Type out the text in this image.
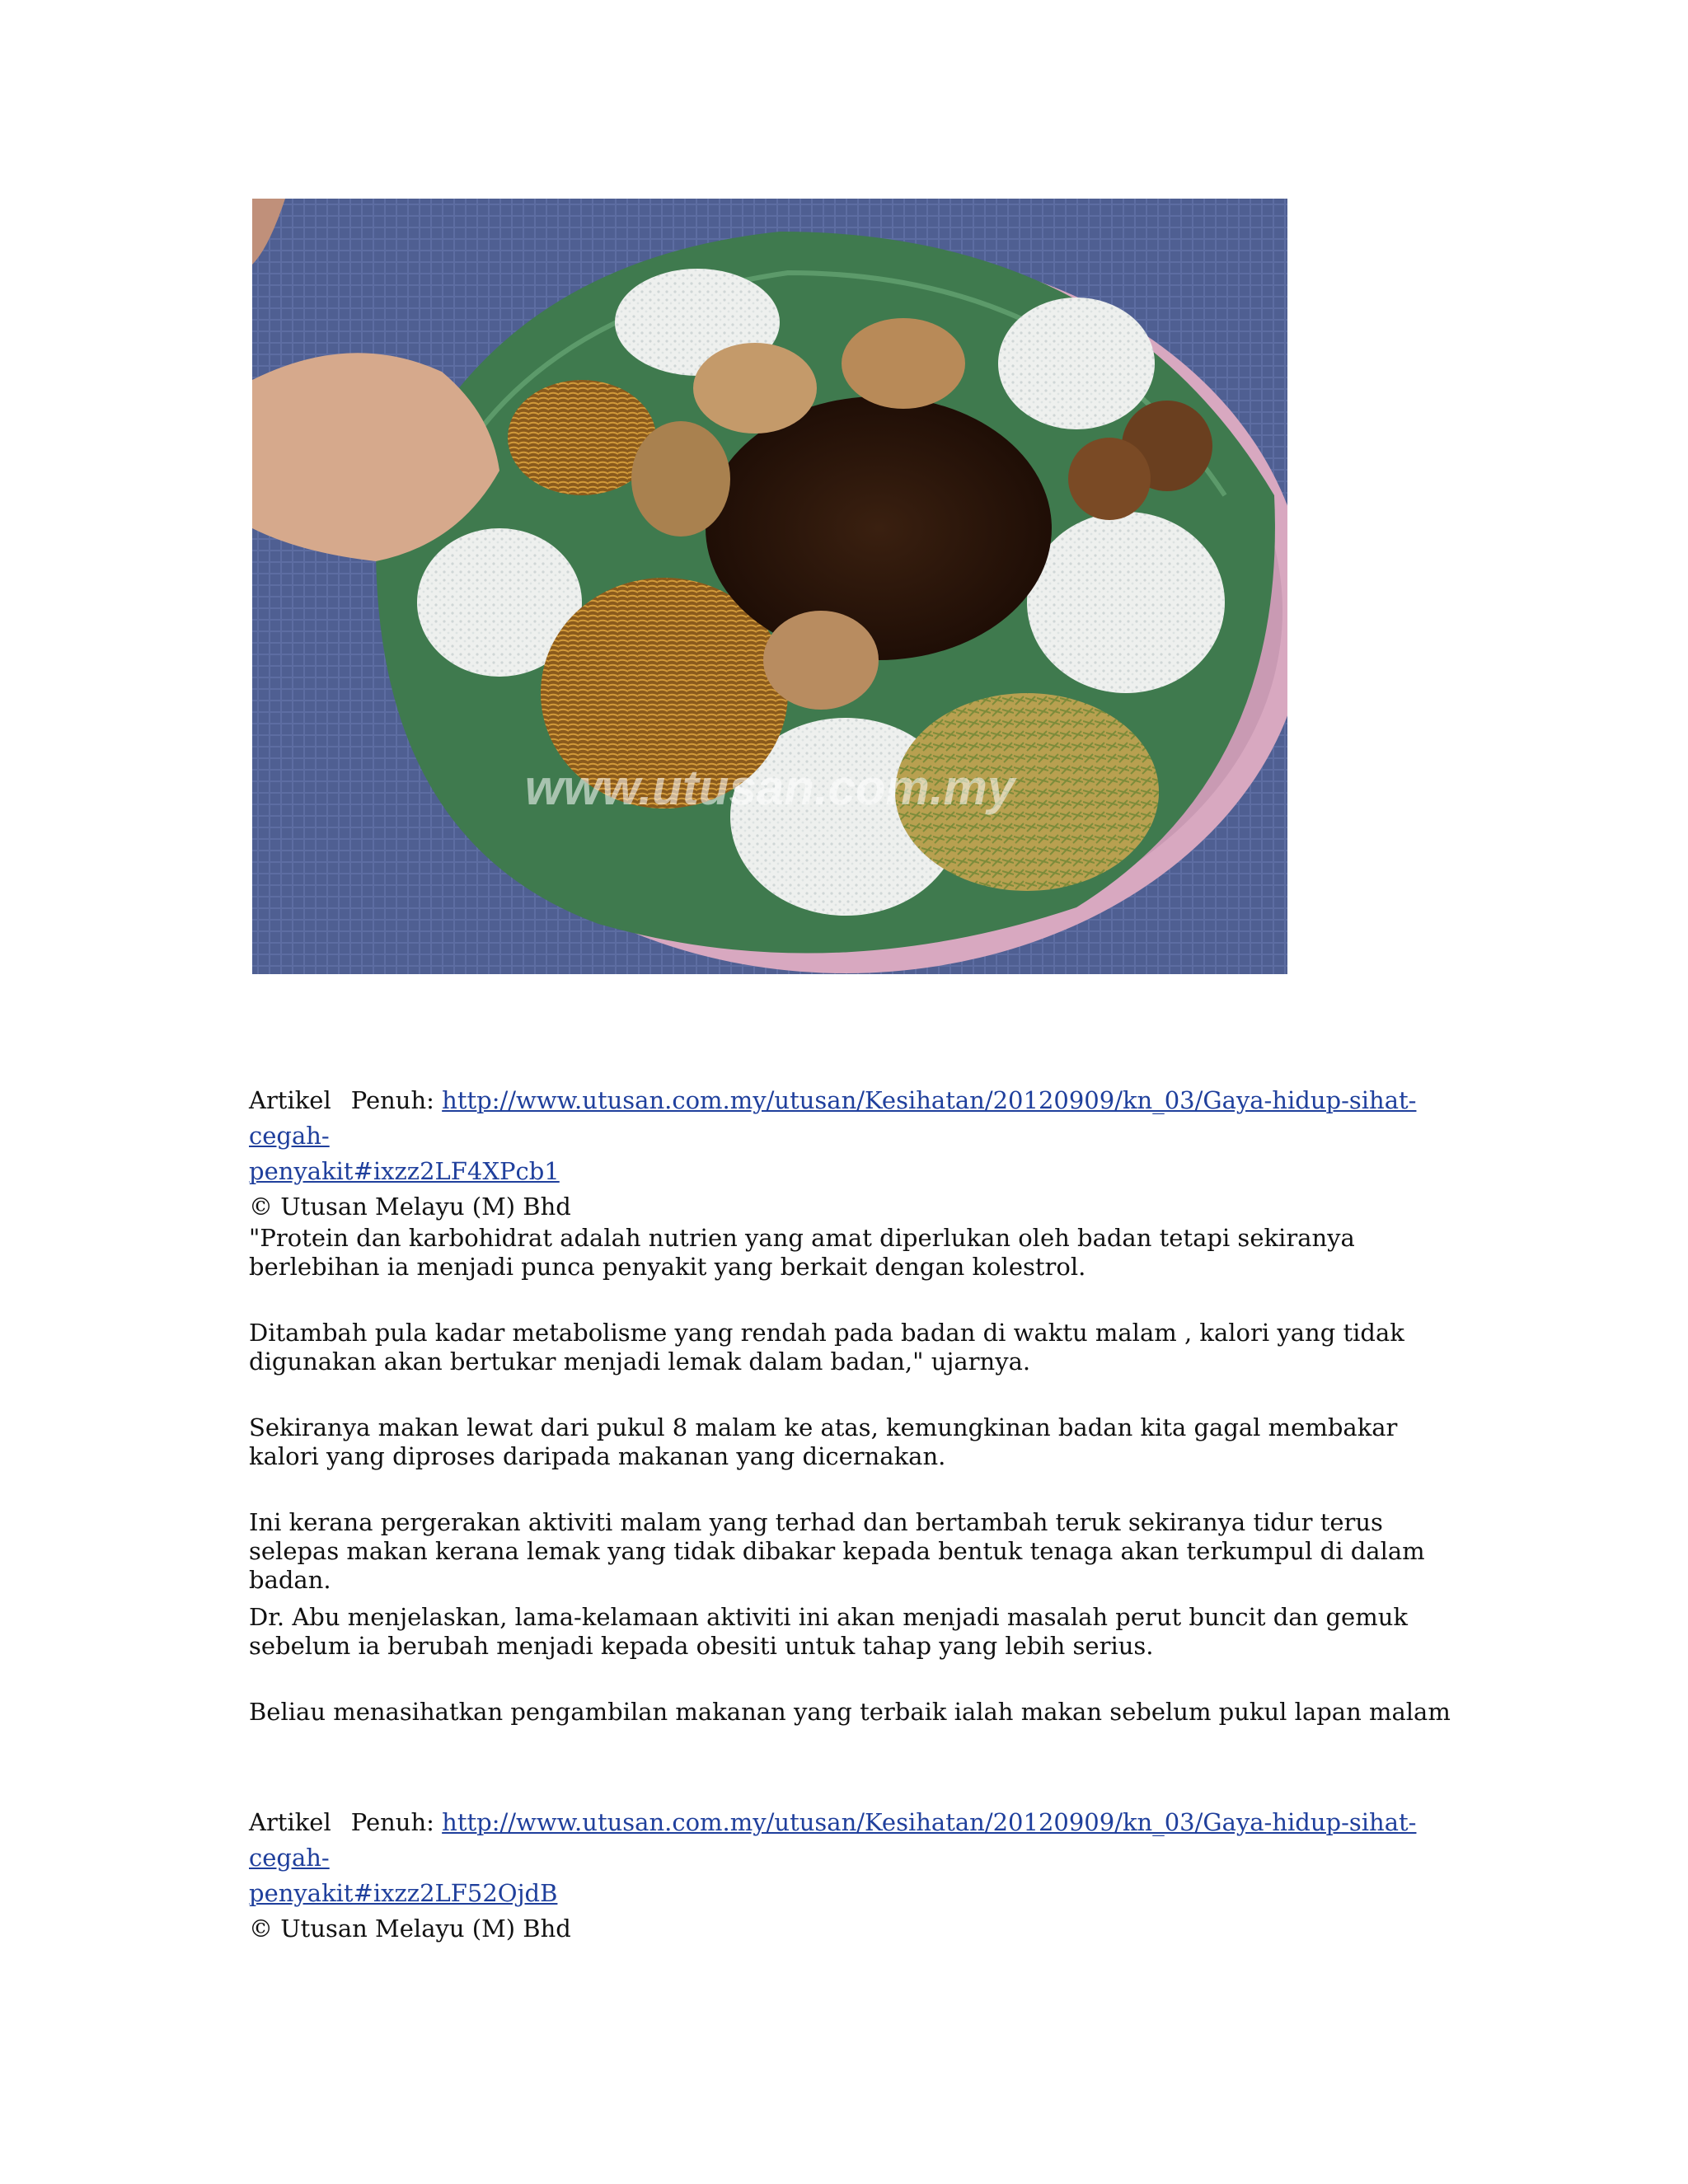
www.utusan.com.my
Artikel Penuh: http://www.utusan.com.my/utusan/Kesihatan/20120909/kn_03/Gaya-hidup-sihat-cegah-
penyakit#ixzz2LF4XPcb1
© Utusan Melayu (M) Bhd

"Protein dan karbohidrat adalah nutrien yang amat diperlukan oleh badan tetapi sekiranya berlebihan ia menjadi punca penyakit yang berkait dengan kolestrol.

Ditambah pula kadar metabolisme yang rendah pada badan di waktu malam , kalori yang tidak digunakan akan bertukar menjadi lemak dalam badan," ujarnya.

Sekiranya makan lewat dari pukul 8 malam ke atas, kemungkinan badan kita gagal membakar kalori yang diproses daripada makanan yang dicernakan.

Ini kerana pergerakan aktiviti malam yang terhad dan bertambah teruk sekiranya tidur terus selepas makan kerana lemak yang tidak dibakar kepada bentuk tenaga akan terkumpul di dalam badan.

Dr. Abu menjelaskan, lama-kelamaan aktiviti ini akan menjadi masalah perut buncit dan gemuk sebelum ia berubah menjadi kepada obesiti untuk tahap yang lebih serius.

Beliau menasihatkan pengambilan makanan yang terbaik ialah makan sebelum pukul lapan malam

Artikel Penuh: http://www.utusan.com.my/utusan/Kesihatan/20120909/kn_03/Gaya-hidup-sihat-cegah-
penyakit#ixzz2LF52OjdB
© Utusan Melayu (M) Bhd
